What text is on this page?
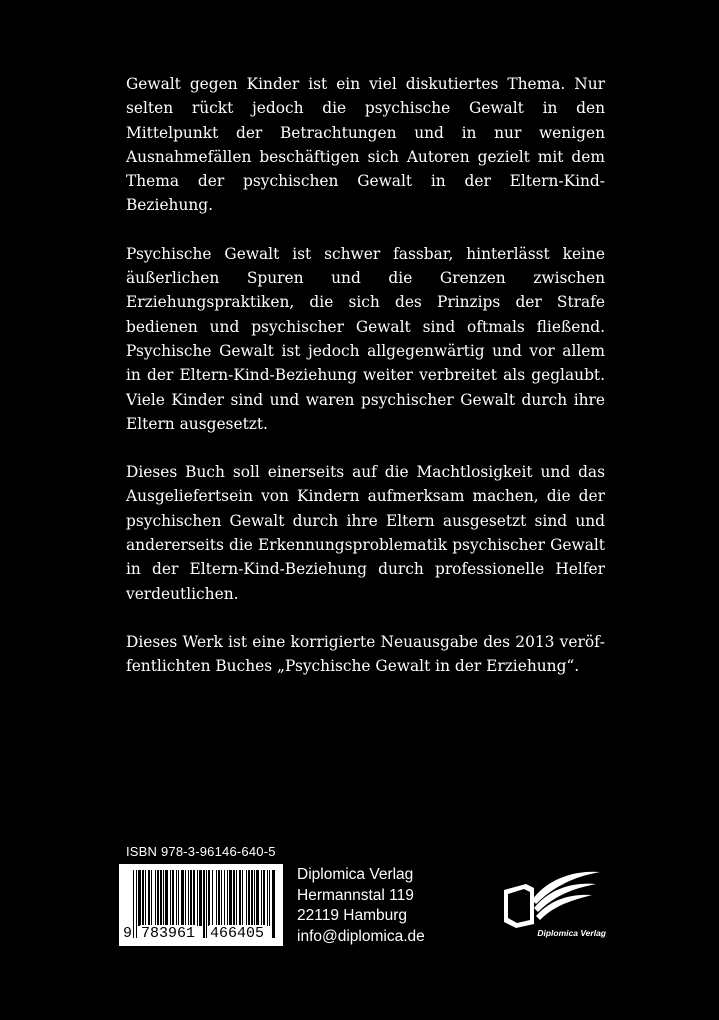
Gewalt gegen Kinder ist ein viel diskutiertes Thema. Nur selten rückt jedoch die psychische Gewalt in den Mittelpunkt der Betrachtungen und in nur wenigen Ausnahmefällen beschäftigen sich Autoren gezielt mit dem Thema der psychischen Gewalt in der Eltern-Kind-Beziehung.

Psychische Gewalt ist schwer fassbar, hinterlässt keine äußerlichen Spuren und die Grenzen zwischen Erziehungspraktiken, die sich des Prinzips der Strafe bedienen und psychischer Gewalt sind oftmals fließend. Psychische Gewalt ist jedoch allgegenwärtig und vor allem in der Eltern-Kind-Beziehung weiter verbreitet als geglaubt. Viele Kinder sind und waren psychischer Gewalt durch ihre Eltern ausgesetzt.

Dieses Buch soll einerseits auf die Machtlosigkeit und das Ausgeliefertsein von Kindern aufmerksam machen, die der psychischen Gewalt durch ihre Eltern ausgesetzt sind und andererseits die Erkennungsproblematik psychischer Gewalt in der Eltern-Kind-Beziehung durch professionelle Helfer verdeutlichen.

Dieses Werk ist eine korrigierte Neuausgabe des 2013 veröffentlichten Buches „Psychische Gewalt in der Erziehung“.

ISBN 978-3-96146-640-5
9 783961 466405
Diplomica Verlag
Hermannstal 119
22119 Hamburg
info@diplomica.de	Diplomica Verlag
